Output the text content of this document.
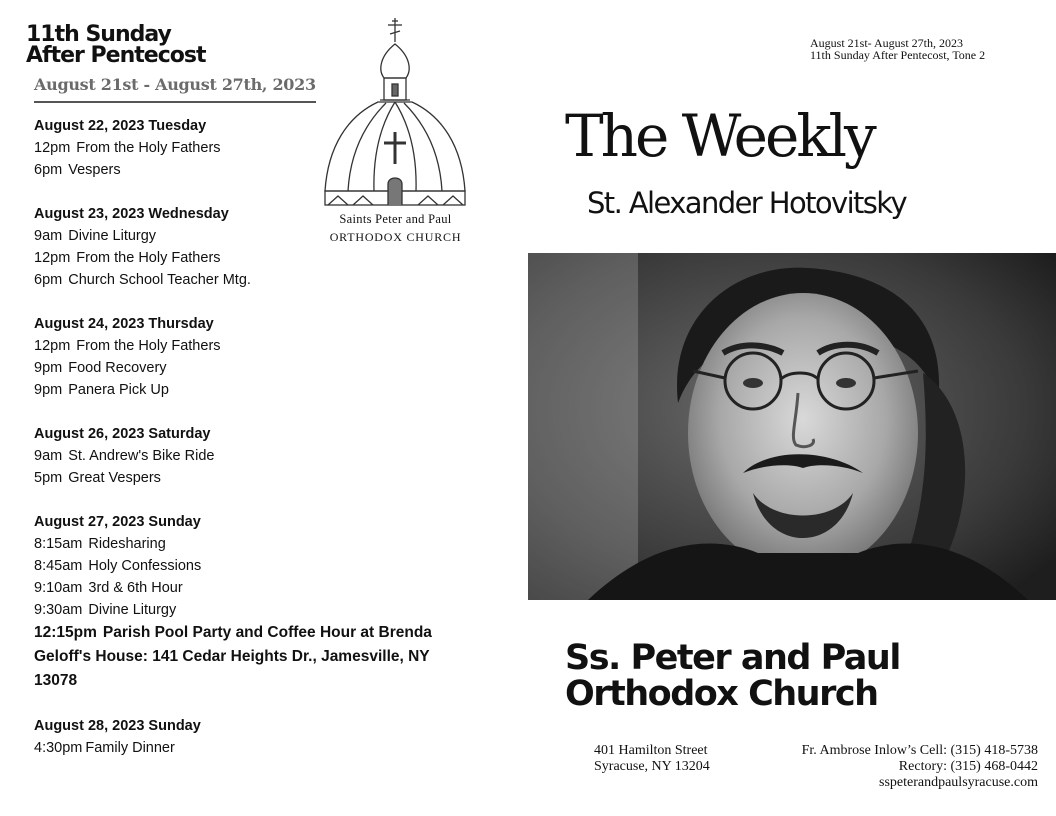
11th Sunday
After Pentecost
August 21st - August 27th, 2023
August 22, 2023 Tuesday
12pm From the Holy Fathers
6pm Vespers
August 23, 2023 Wednesday
9am Divine Liturgy
12pm From the Holy Fathers
6pm Church School Teacher Mtg.
August 24, 2023 Thursday
12pm From the Holy Fathers
9pm Food Recovery
9pm Panera Pick Up
August 26, 2023 Saturday
9am St. Andrew's Bike Ride
5pm Great Vespers
August 27, 2023 Sunday
8:15am Ridesharing
8:45am Holy Confessions
9:10am 3rd & 6th Hour
9:30am Divine Liturgy
12:15pm Parish Pool Party and Coffee Hour at Brenda Geloff's House: 141 Cedar Heights Dr., Jamesville, NY 13078
August 28, 2023 Sunday
4:30pm Family Dinner
Saints Peter and Paul
ORTHODOX CHURCH
August 21st- August 27th, 2023
11th Sunday After Pentecost, Tone 2
The Weekly
St. Alexander Hotovitsky
Ss. Peter and Paul
Orthodox Church
401 Hamilton Street
Syracuse, NY 13204
Fr. Ambrose Inlow’s Cell: (315) 418-5738
Rectory: (315) 468-0442
sspeterandpaulsyracuse.com
